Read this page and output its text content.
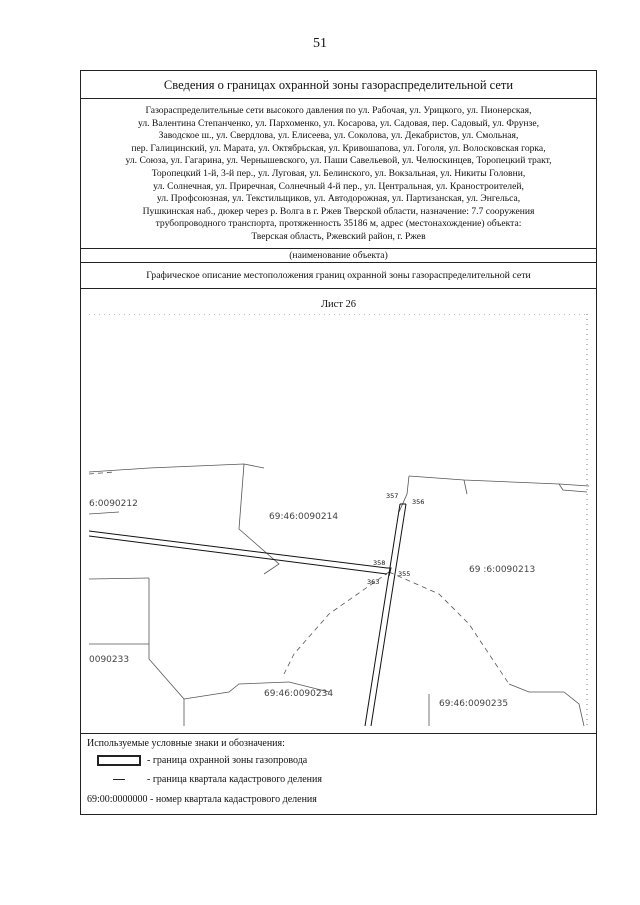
51
Сведения о границах охранной зоны газораспределительной сети
Газораспределительные сети высокого давления по ул. Рабочая, ул. Урицкого, ул. Пионерская,
ул. Валентина Степанченко, ул. Пархоменко, ул. Косарова, ул. Садовая, пер. Садовый, ул. Фрунзе,
Заводское ш., ул. Свердлова, ул. Елисеева, ул. Соколова, ул. Декабристов, ул. Смольная,
пер. Галицинский, ул. Марата, ул. Октябрьская, ул. Кривошапова, ул. Гоголя, ул. Волосковская горка,
ул. Союза, ул. Гагарина, ул. Чернышевского, ул. Паши Савельевой, ул. Челюскинцев, Торопецкий тракт,
Торопецкий 1-й, 3-й пер., ул. Луговая, ул. Белинского, ул. Вокзальная, ул. Никиты Головни,
ул. Солнечная, ул. Приречная, Солнечный 4-й пер., ул. Центральная, ул. Краностроителей,
ул. Профсоюзная, ул. Текстильщиков, ул. Автодорожная, ул. Партизанская, ул. Энгельса,
Пушкинская наб., дюкер через р. Волга в г. Ржев Тверской области, назначение: 7.7 сооружения
трубопроводного транспорта, протяженность 35186 м, адрес (местонахождение) объекта:
Тверская область, Ржевский район, г. Ржев
(наименование объекта)
Графическое описание местоположения границ охранной зоны газораспределительной сети
Лист 26
6:0090212
69:46:0090214
69 :6:0090213
0090233
69:46:0090234
69:46:0090235
357
356
358
355
363
Используемые условные знаки и обозначения:
- граница охранной зоны газопровода
- граница квартала кадастрового деления
69:00:0000000 - номер квартала кадастрового деления
